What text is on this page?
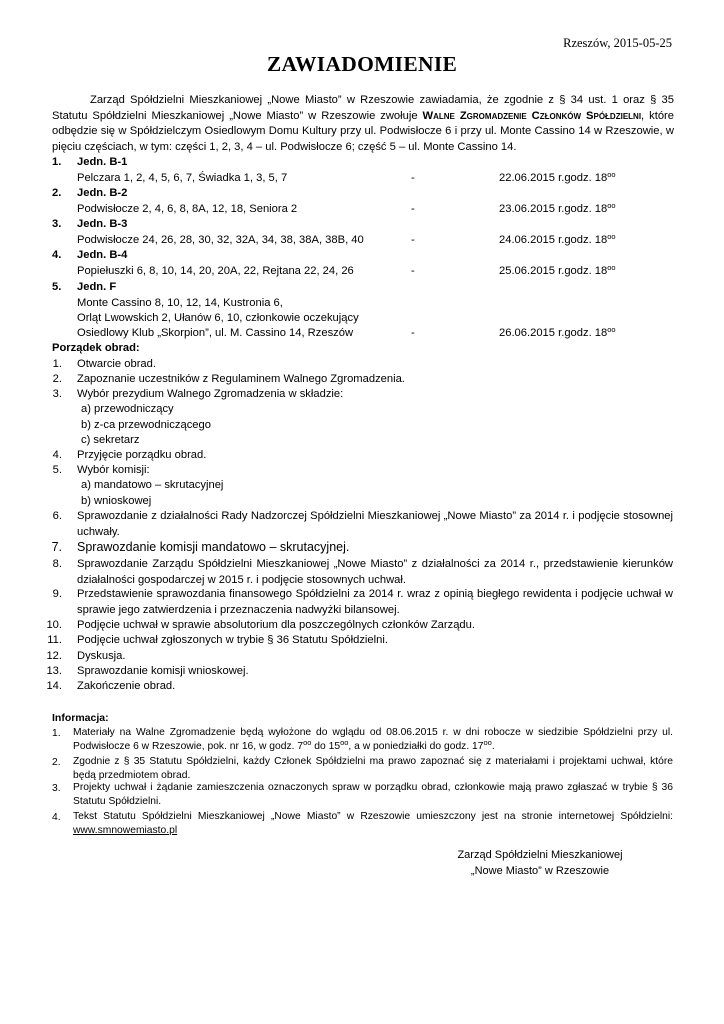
Rzeszów, 2015-05-25
ZAWIADOMIENIE

Zarząd Spółdzielni Mieszkaniowej „Nowe Miasto” w Rzeszowie zawiadamia, że zgodnie z § 34 ust. 1 oraz § 35 Statutu Spółdzielni Mieszkaniowej „Nowe Miasto” w Rzeszowie zwołuje Walne Zgromadzenie Członków Spółdzielni, które odbędzie się w Spółdzielczym Osiedlowym Domu Kultury przy ul. Podwisłocze 6 i przy ul. Monte Cassino 14 w Rzeszowie, w pięciu częściach, w tym: części 1, 2, 3, 4 – ul. Podwisłocze 6; część 5 – ul. Monte Cassino 14.

1. Jedn. B-1
Pelczara 1, 2, 4, 5, 6, 7, Świadka 1, 3, 5, 7	-	22.06.2015 r.godz. $18^{oo}$
2. Jedn. B-2
Podwisłocze 2, 4, 6, 8, 8A, 12, 18, Seniora 2	-	23.06.2015 r.godz. $18^{oo}$
3. Jedn. B-3
Podwisłocze 24, 26, 28, 30, 32, 32A, 34, 38, 38A, 38B, 40	-	24.06.2015 r.godz. $18^{oo}$
4. Jedn. B-4
Popiełuszki 6, 8, 10, 14, 20, 20A, 22, Rejtana 22, 24, 26	-	25.06.2015 r.godz. $18^{oo}$
5. Jedn. F
Monte Cassino 8, 10, 12, 14, Kustronia 6,
Orląt Lwowskich 2, Ułanów 6, 10, członkowie oczekujący
Osiedlowy Klub „Skorpion”, ul. M. Cassino 14, Rzeszów	-	26.06.2015 r.godz. $18^{oo}$
Porządek obrad:
1. Otwarcie obrad.
2. Zapoznanie uczestników z Regulaminem Walnego Zgromadzenia.
3. Wybór prezydium Walnego Zgromadzenia w składzie:
a) przewodniczący
b) z-ca przewodniczącego
c) sekretarz
4. Przyjęcie porządku obrad.
5. Wybór komisji:
a) mandatowo – skrutacyjnej
b) wnioskowej
6. Sprawozdanie z działalności Rady Nadzorczej Spółdzielni Mieszkaniowej „Nowe Miasto” za 2014 r. i podjęcie stosownej uchwały.
7. Sprawozdanie komisji mandatowo – skrutacyjnej.
8. Sprawozdanie Zarządu Spółdzielni Mieszkaniowej „Nowe Miasto” z działalności za 2014 r., przedstawienie kierunków działalności gospodarczej w 2015 r. i podjęcie stosownych uchwał.
9. Przedstawienie sprawozdania finansowego Spółdzielni za 2014 r. wraz z opinią biegłego rewidenta i podjęcie uchwał w sprawie jego zatwierdzenia i przeznaczenia nadwyżki bilansowej.
10. Podjęcie uchwał w sprawie absolutorium dla poszczególnych członków Zarządu.
11. Podjęcie uchwał zgłoszonych w trybie § 36 Statutu Spółdzielni.
12. Dyskusja.
13. Sprawozdanie komisji wnioskowej.
14. Zakończenie obrad.
Informacja:
1. Materiały na Walne Zgromadzenie będą wyłożone do wglądu od 08.06.2015 r. w dni robocze w siedzibie Spółdzielni przy ul. Podwisłocze 6 w Rzeszowie, pok. nr 16, w godz. $7^{oo}$ do $15^{oo}$, a w poniedziałki do godz. $17^{oo}$.
2. Zgodnie z § 35 Statutu Spółdzielni, każdy Członek Spółdzielni ma prawo zapoznać się z materiałami i projektami uchwał, które będą przedmiotem obrad.
3. Projekty uchwał i żądanie zamieszczenia oznaczonych spraw w porządku obrad, członkowie mają prawo zgłaszać w trybie § 36 Statutu Spółdzielni.
4. Tekst Statutu Spółdzielni Mieszkaniowej „Nowe Miasto” w Rzeszowie umieszczony jest na stronie internetowej Spółdzielni: www.smnowemiasto.pl
Zarząd Spółdzielni Mieszkaniowej
„Nowe Miasto” w Rzeszowie
